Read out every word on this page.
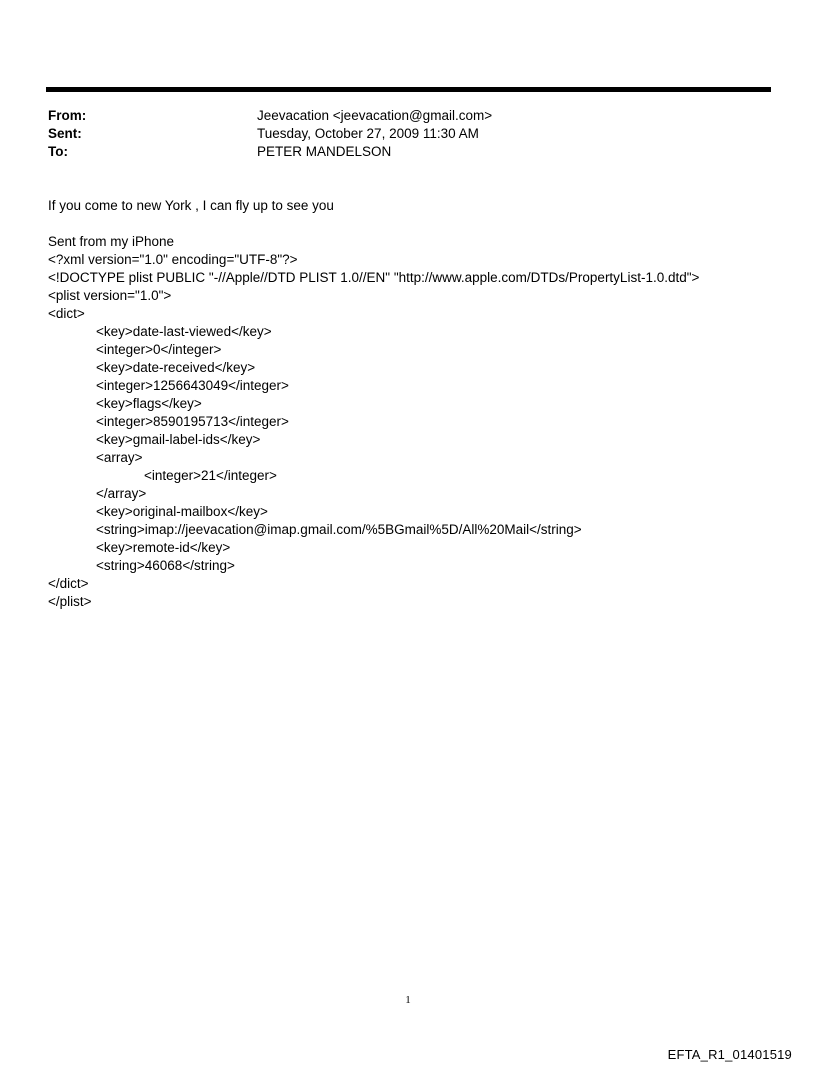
From:	Jeevacation <jeevacation@gmail.com>
Sent:	Tuesday, October 27, 2009 11:30 AM
To:	PETER MANDELSON
If you come to new York , I can fly up to see you
Sent from my iPhone
<?xml version="1.0" encoding="UTF-8"?>
<!DOCTYPE plist PUBLIC "-//Apple//DTD PLIST 1.0//EN" "http://www.apple.com/DTDs/PropertyList-1.0.dtd">
<plist version="1.0">
<dict>
<key>date-last-viewed</key>
<integer>0</integer>
<key>date-received</key>
<integer>1256643049</integer>
<key>flags</key>
<integer>8590195713</integer>
<key>gmail-label-ids</key>
<array>
<integer>21</integer>
</array>
<key>original-mailbox</key>
<string>imap://jeevacation@imap.gmail.com/%5BGmail%5D/All%20Mail</string>
<key>remote-id</key>
<string>46068</string>
</dict>
</plist>
1
EFTA_R1_01401519
